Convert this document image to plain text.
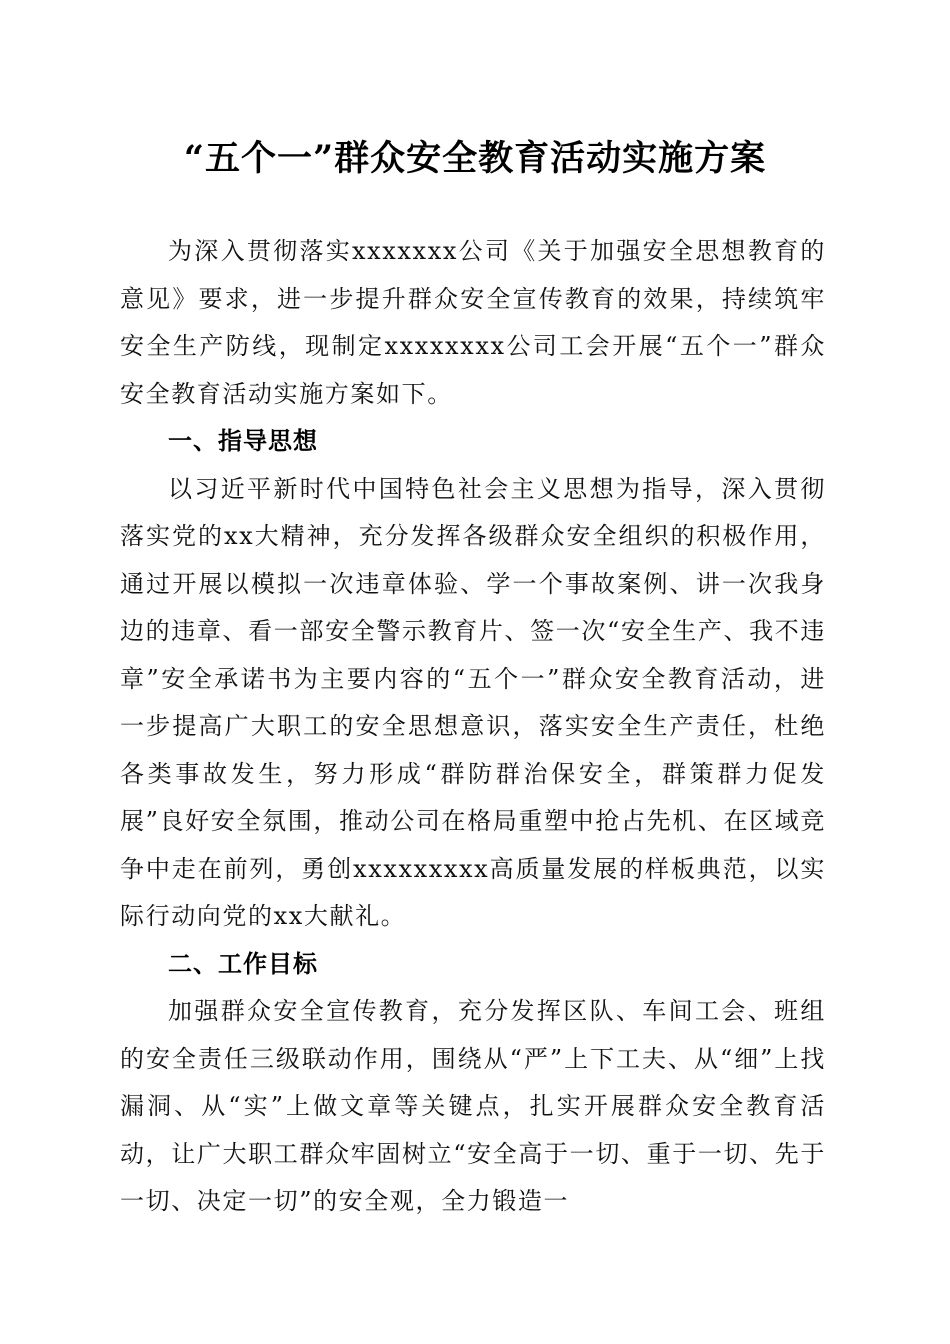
“五个一”群众安全教育活动实施方案

为深入贯彻落实xxxxxxx公司《关于加强安全思想教育的意见》要求，进一步提升群众安全宣传教育的效果，持续筑牢安全生产防线，现制定xxxxxxxx公司工会开展“五个一”群众安全教育活动实施方案如下。

一、指导思想

以习近平新时代中国特色社会主义思想为指导，深入贯彻落实党的xx大精神，充分发挥各级群众安全组织的积极作用，通过开展以模拟一次违章体验、学一个事故案例、讲一次我身边的违章、看一部安全警示教育片、签一次“安全生产、我不违章”安全承诺书为主要内容的“五个一”群众安全教育活动，进一步提高广大职工的安全思想意识，落实安全生产责任，杜绝各类事故发生，努力形成“群防群治保安全，群策群力促发展”良好安全氛围，推动公司在格局重塑中抢占先机、在区域竞争中走在前列，勇创xxxxxxxxx高质量发展的样板典范，以实际行动向党的xx大献礼。

二、工作目标

加强群众安全宣传教育，充分发挥区队、车间工会、班组的安全责任三级联动作用，围绕从“严”上下工夫、从“细”上找漏洞、从“实”上做文章等关键点，扎实开展群众安全教育活动，让广大职工群众牢固树立“安全高于一切、重于一切、先于一切、决定一切”的安全观，全力锻造一
